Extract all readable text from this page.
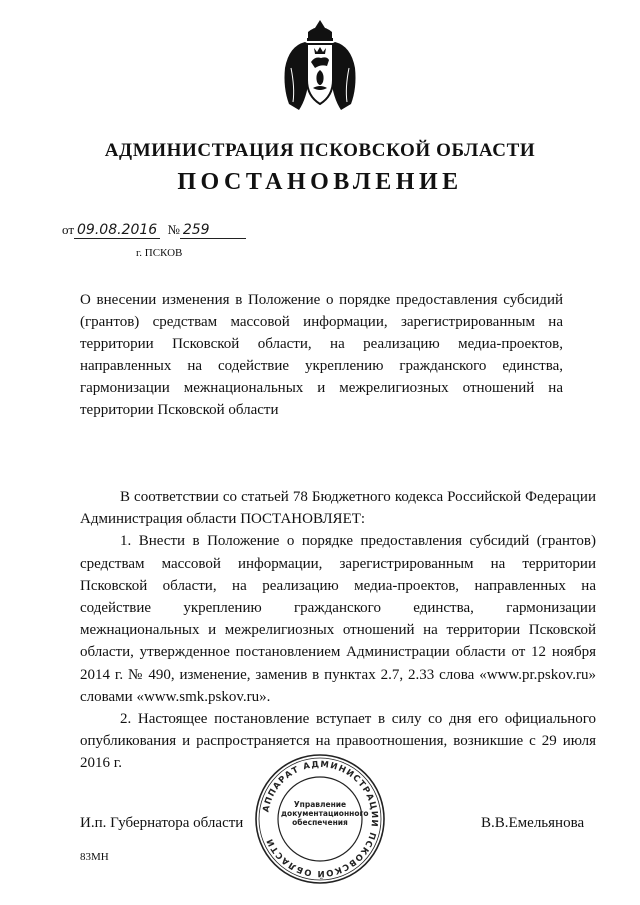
АДМИНИСТРАЦИЯ ПСКОВСКОЙ ОБЛАСТИ
ПОСТАНОВЛЕНИЕ
от 09.08.2016 № 259
г. ПСКОВ
О внесении изменения в Положение о порядке предоставления субсидий (грантов) средствам массовой информации, зарегистрированным на территории Псковской области, на реализацию медиа-проектов, направленных на содействие укреплению гражданского единства, гармонизации межнациональных и межрелигиозных отношений на территории Псковской области

В соответствии со статьей 78 Бюджетного кодекса Российской Федерации Администрация области ПОСТАНОВЛЯЕТ:

1. Внести в Положение о порядке предоставления субсидий (грантов) средствам массовой информации, зарегистрированным на территории Псковской области, на реализацию медиа-проектов, направленных на содействие укреплению гражданского единства, гармонизации межнациональных и межрелигиозных отношений на территории Псковской области, утвержденное постановлением Администрации области от 12 ноября 2014 г. № 490, изменение, заменив в пунктах 2.7, 2.33 слова «www.pr.pskov.ru» словами «www.smk.pskov.ru».

2. Настоящее постановление вступает в силу со дня его официального опубликования и распространяется на правоотношения, возникшие с 29 июля 2016 г.

И.п. Губернатора области	В.В.Емельянова
АППАРАТ АДМИНИСТРАЦИИ ПСКОВСКОЙ ОБЛАСТИ
Управление
документационного
обеспечения
83МН
